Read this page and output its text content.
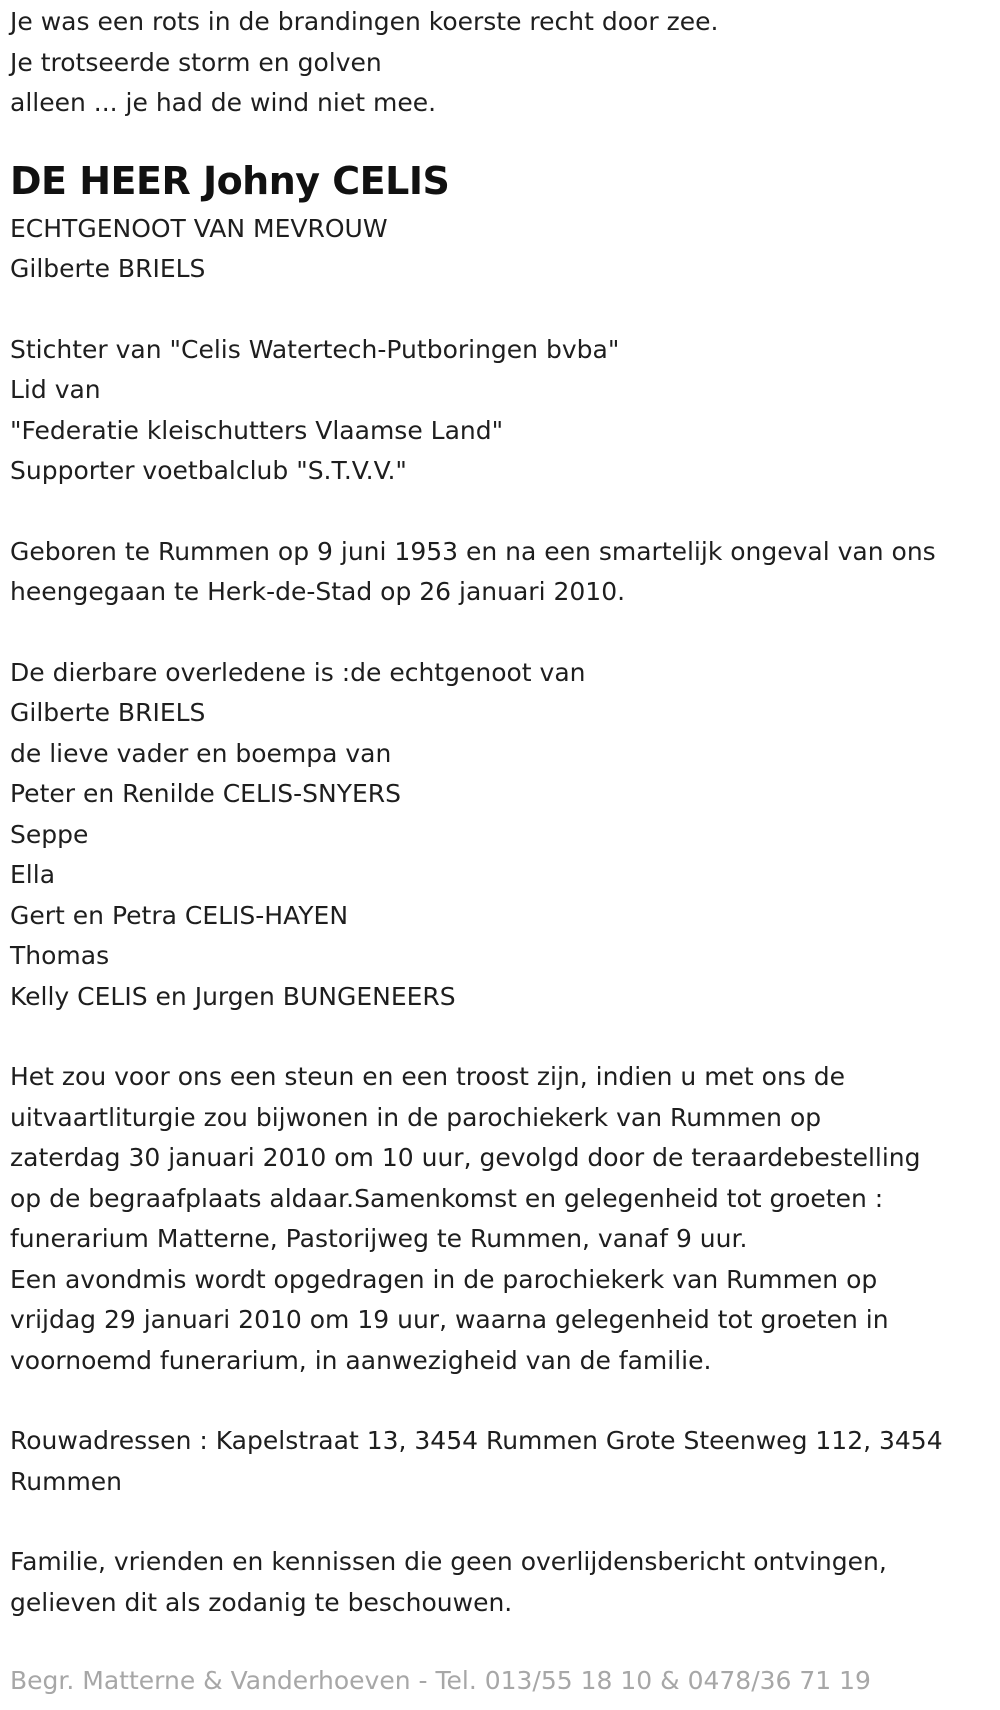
Je was een rots in de brandingen koerste recht door zee.
Je trotseerde storm en golven
alleen ... je had de wind niet mee.
DE HEER Johny CELIS
ECHTGENOOT VAN MEVROUW
Gilberte BRIELS
Stichter van "Celis Watertech-Putboringen bvba"
Lid van
"Federatie kleischutters Vlaamse Land"
Supporter voetbalclub "S.T.V.V."
Geboren te Rummen op 9 juni 1953 en na een smartelijk ongeval van ons
heengegaan te Herk-de-Stad op 26 januari 2010.
De dierbare overledene is :de echtgenoot van
Gilberte BRIELS
de lieve vader en boempa van
Peter en Renilde CELIS-SNYERS
Seppe
Ella
Gert en Petra CELIS-HAYEN
Thomas
Kelly CELIS en Jurgen BUNGENEERS
Het zou voor ons een steun en een troost zijn, indien u met ons de
uitvaartliturgie zou bijwonen in de parochiekerk van Rummen op
zaterdag 30 januari 2010 om 10 uur, gevolgd door de teraardebestelling
op de begraafplaats aldaar.Samenkomst en gelegenheid tot groeten :
funerarium Matterne, Pastorijweg te Rummen, vanaf 9 uur.
Een avondmis wordt opgedragen in de parochiekerk van Rummen op
vrijdag 29 januari 2010 om 19 uur, waarna gelegenheid tot groeten in
voornoemd funerarium, in aanwezigheid van de familie.
Rouwadressen : Kapelstraat 13, 3454 Rummen Grote Steenweg 112, 3454
Rummen
Familie, vrienden en kennissen die geen overlijdensbericht ontvingen,
gelieven dit als zodanig te beschouwen.
Begr. Matterne & Vanderhoeven - Tel. 013/55 18 10 & 0478/36 71 19
